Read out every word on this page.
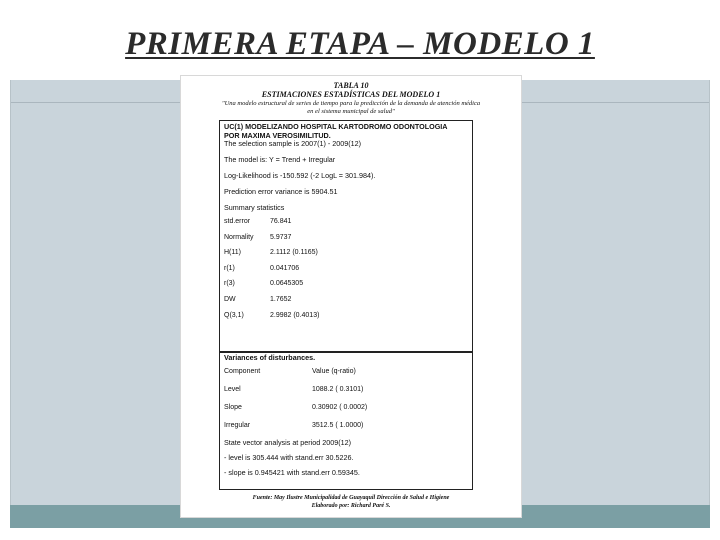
PRIMERA ETAPA – MODELO 1
TABLA 10
ESTIMACIONES ESTADÍSTICAS DEL MODELO 1
"Una modelo estructural de series de tiempo para la predicción de la demanda de atención médica en el sistema municipal de salud"
UC(1) MODELIZANDO HOSPITAL KARTODROMO ODONTOLOGIA
POR MAXIMA VEROSIMILITUD.
The selection sample is 2007(1) - 2009(12)
The model is: Y = Trend + Irregular
Log-Likelihood is -150.592 (-2 LogL = 301.984).
Prediction error variance is 5904.51
Summary statistics
std.error	76.841
Normality	5.9737
H(11)	2.1112 (0.1165)
r(1)	0.041706
r(3)	0.0645305
DW	1.7652
Q(3,1)	2.9982 (0.4013)
Variances of disturbances.
Component	Value (q-ratio)
Level	1088.2 ( 0.3101)
Slope	0.30902 ( 0.0002)
Irregular	3512.5 ( 1.0000)
State vector analysis at period 2009(12)
- level is 305.444 with stand.err 30.5226.
- slope is 0.945421 with stand.err 0.59345.
Fuente: May Ilustre Municipalidad de Guayaquil Dirección de Salud e Higiene
Elaborado por: Richard Paré S.
